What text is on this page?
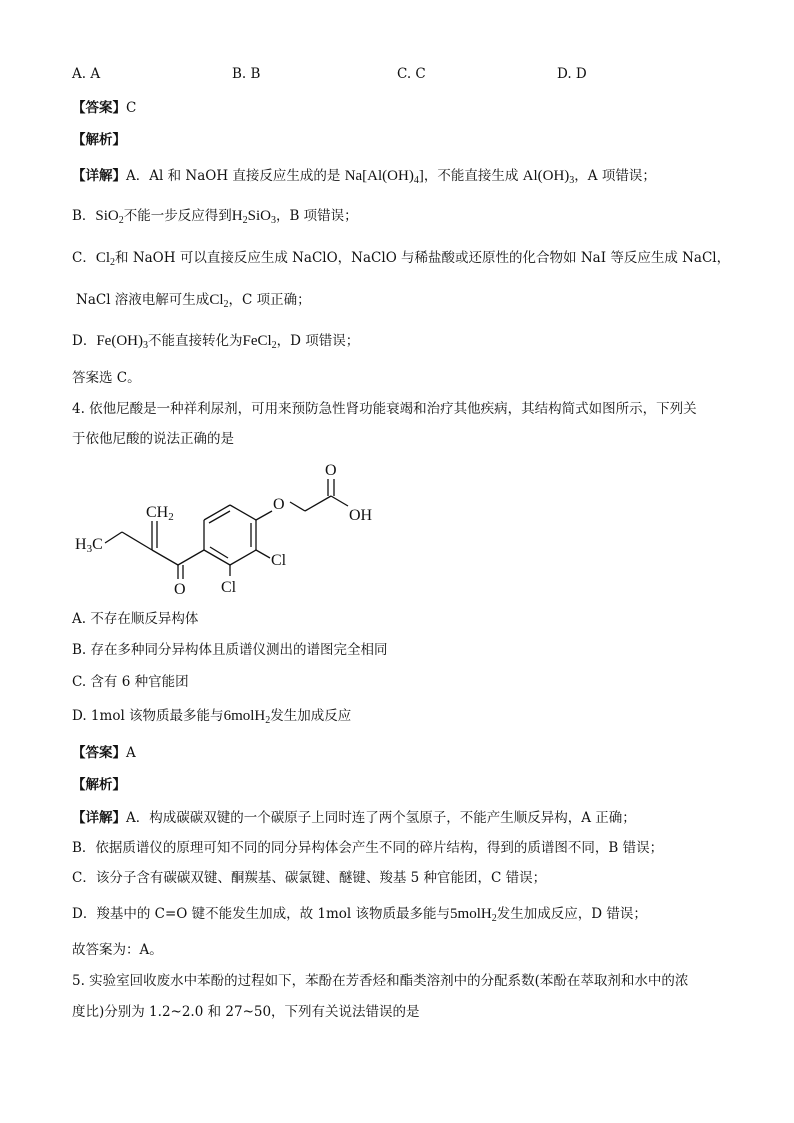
A. A	B. B	C. C	D. D
【答案】C
【解析】
【详解】A．Al 和 NaOH 直接反应生成的是 $Na[Al(OH)_4]$，不能直接生成 $Al(OH)_3$，A 项错误；
B．SiO$_2$不能一步反应得到$H_2SiO_3$，B 项错误；
C．$Cl_2$和 NaOH 可以直接反应生成 NaClO，NaClO 与稀盐酸或还原性的化合物如 NaI 等反应生成 NaCl，
NaCl 溶液电解可生成$Cl_2$，C 项正确；
D．$Fe(OH)_3$不能直接转化为FeCl$_2$，D 项错误；
答案选 C。
4. 依他尼酸是一种祥利尿剂，可用来预防急性肾功能衰竭和治疗其他疾病，其结构简式如图所示，下列关
于依他尼酸的说法正确的是
H3C
CH2
O
Cl
Cl
O
O
OH
A. 不存在顺反异构体
B. 存在多种同分异构体且质谱仪测出的谱图完全相同
C. 含有 6 种官能团
D. 1mol 该物质最多能与6molH$_2$发生加成反应
【答案】A
【解析】
【详解】A．构成碳碳双键的一个碳原子上同时连了两个氢原子，不能产生顺反异构，A 正确；
B．依据质谱仪的原理可知不同的同分异构体会产生不同的碎片结构，得到的质谱图不同，B 错误；
C．该分子含有碳碳双键、酮羰基、碳氯键、醚键、羧基 5 种官能团，C 错误；
D．羧基中的 C=O 键不能发生加成，故 1mol 该物质最多能与5molH$_2$发生加成反应，D 错误；
故答案为：A。
5. 实验室回收废水中苯酚的过程如下，苯酚在芳香烃和酯类溶剂中的分配系数(苯酚在萃取剂和水中的浓
度比)分别为 1.2~2.0 和 27~50，下列有关说法错误的是
